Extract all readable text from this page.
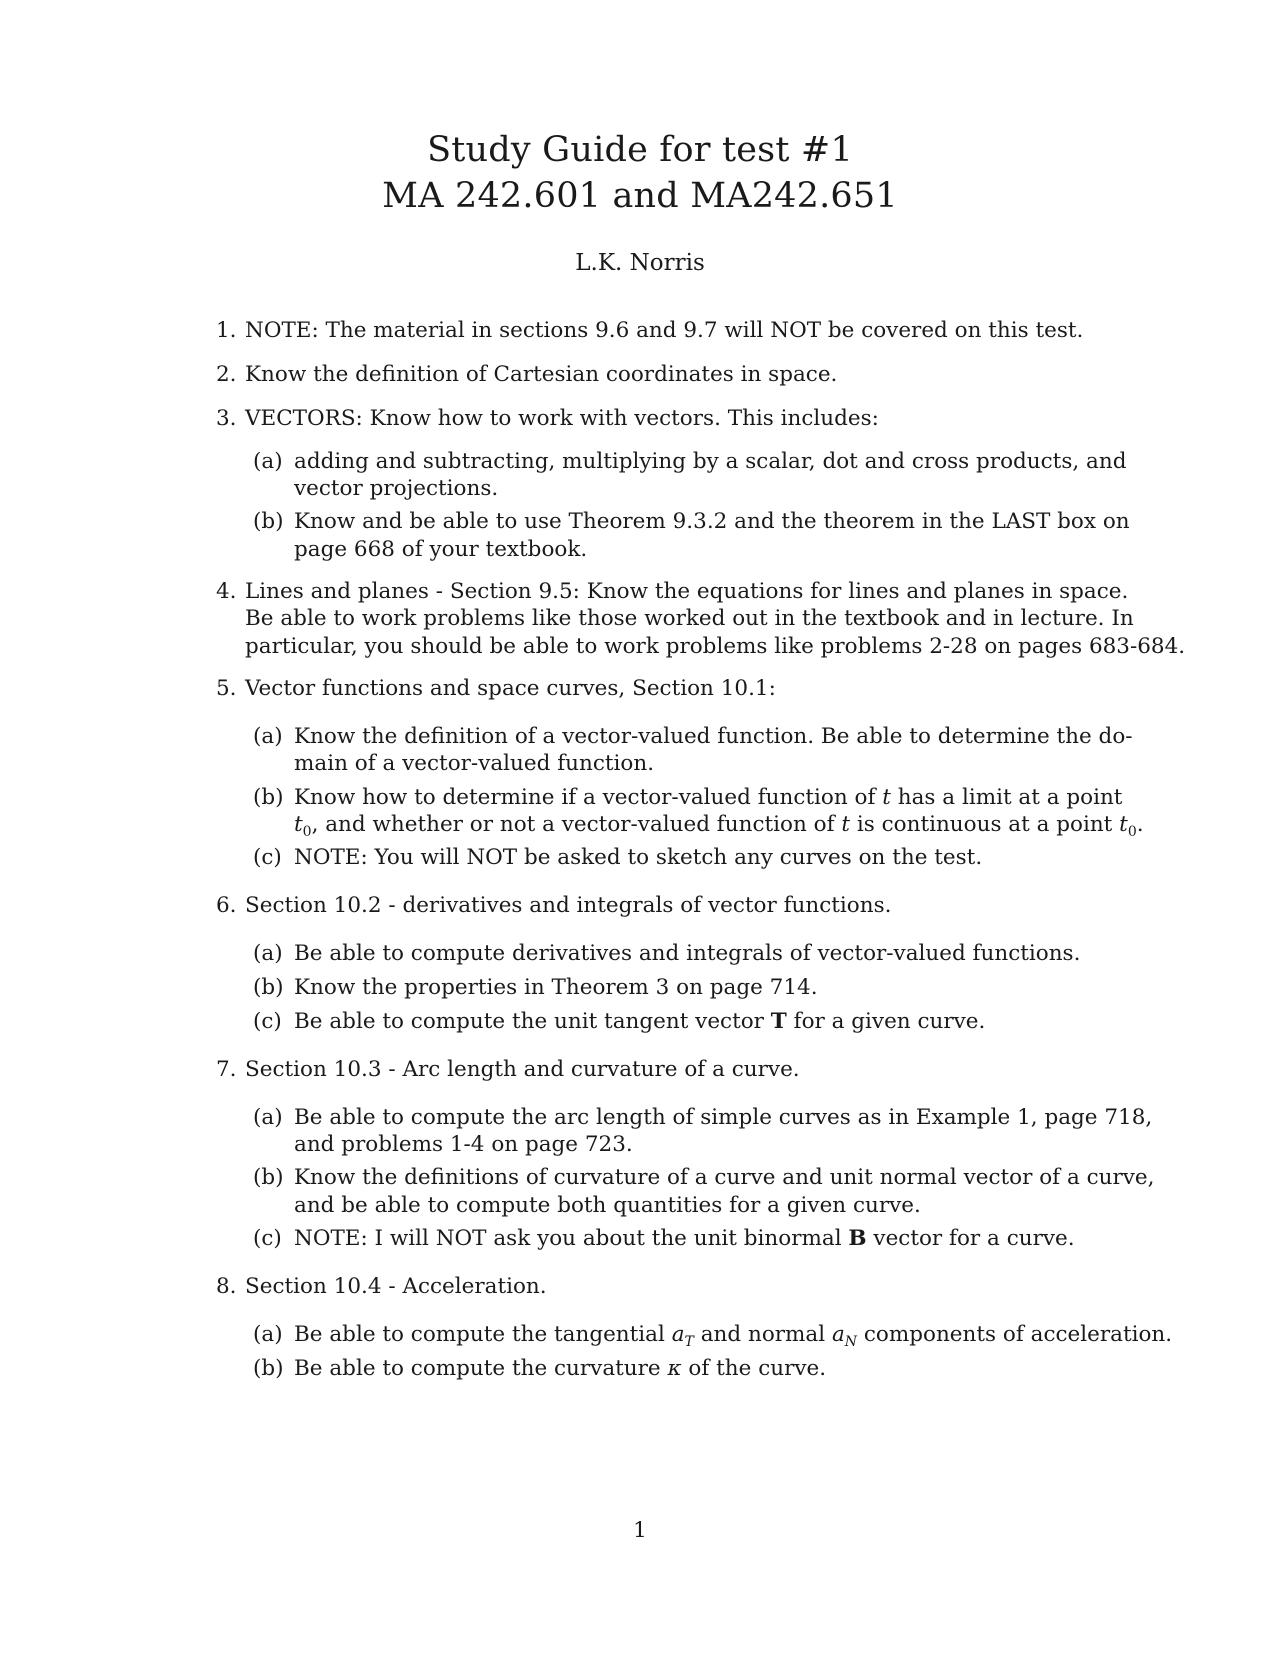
Study Guide for test #1
MA 242.601 and MA242.651
L.K. Norris
1. NOTE: The material in sections 9.6 and 9.7 will NOT be covered on this test.
2. Know the definition of Cartesian coordinates in space.
3. VECTORS: Know how to work with vectors. This includes:
(a) adding and subtracting, multiplying by a scalar, dot and cross products, and
vector projections.
(b) Know and be able to use Theorem 9.3.2 and the theorem in the LAST box on
page 668 of your textbook.
4. Lines and planes - Section 9.5: Know the equations for lines and planes in space.
Be able to work problems like those worked out in the textbook and in lecture. In
particular, you should be able to work problems like problems 2-28 on pages 683-684.
5. Vector functions and space curves, Section 10.1:
(a) Know the definition of a vector-valued function. Be able to determine the do-
main of a vector-valued function.
(b) Know how to determine if a vector-valued function of t has a limit at a point
$t_0$, and whether or not a vector-valued function of t is continuous at a point $t_0$.
(c) NOTE: You will NOT be asked to sketch any curves on the test.
6. Section 10.2 - derivatives and integrals of vector functions.
(a) Be able to compute derivatives and integrals of vector-valued functions.
(b) Know the properties in Theorem 3 on page 714.
(c) Be able to compute the unit tangent vector T for a given curve.
7. Section 10.3 - Arc length and curvature of a curve.
(a) Be able to compute the arc length of simple curves as in Example 1, page 718,
and problems 1-4 on page 723.
(b) Know the definitions of curvature of a curve and unit normal vector of a curve,
and be able to compute both quantities for a given curve.
(c) NOTE: I will NOT ask you about the unit binormal B vector for a curve.
8. Section 10.4 - Acceleration.
(a) Be able to compute the tangential $a_T$ and normal $a_N$ components of acceleration.
(b) Be able to compute the curvature κ of the curve.
1
